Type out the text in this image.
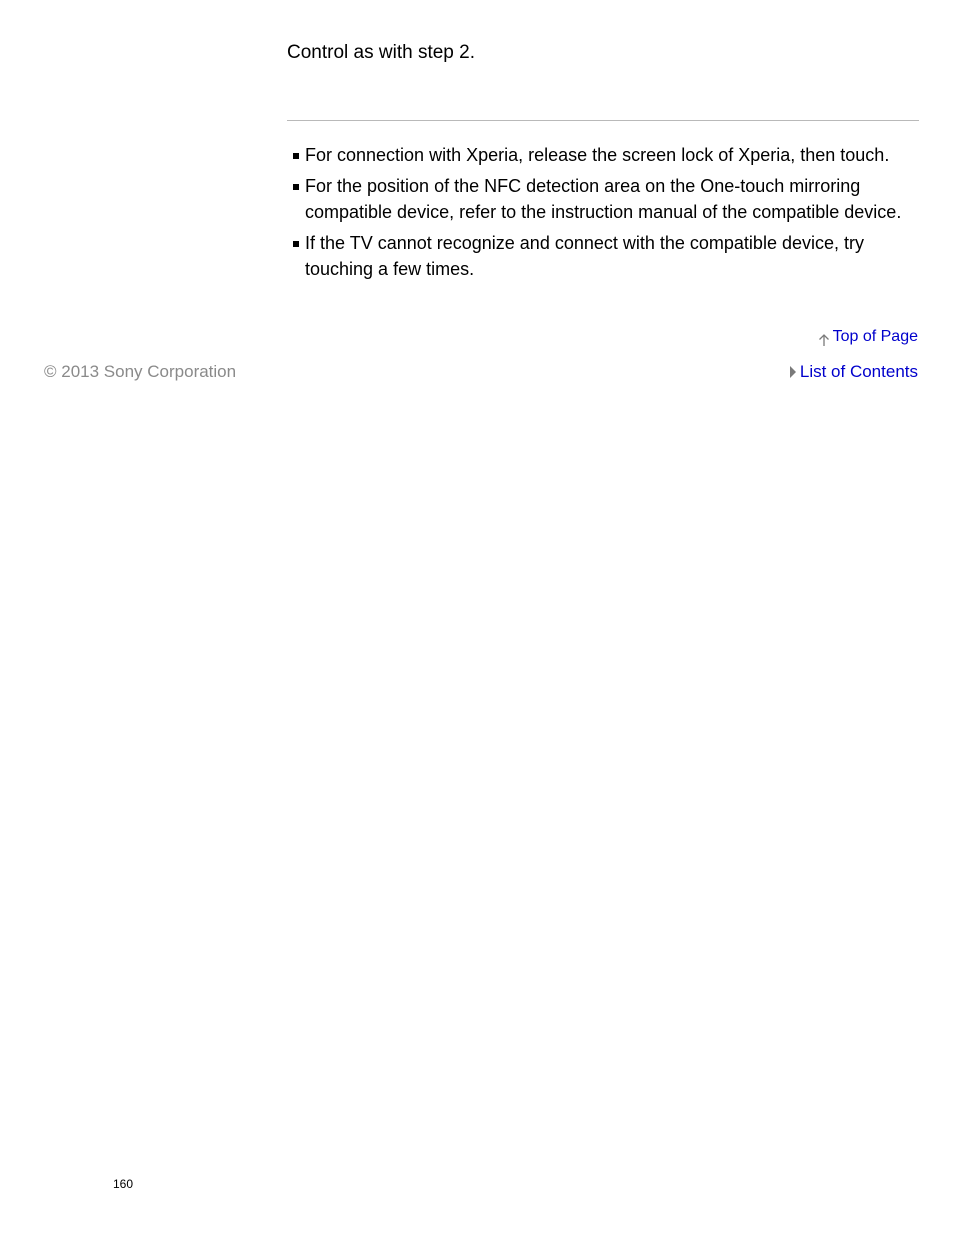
Control as with step 2.

For connection with Xperia, release the screen lock of Xperia, then touch.
For the position of the NFC detection area on the One-touch mirroring compatible device, refer to the instruction manual of the compatible device.
If the TV cannot recognize and connect with the compatible device, try touching a few times.
Top of Page

© 2013 Sony Corporation	List of Contents

160
